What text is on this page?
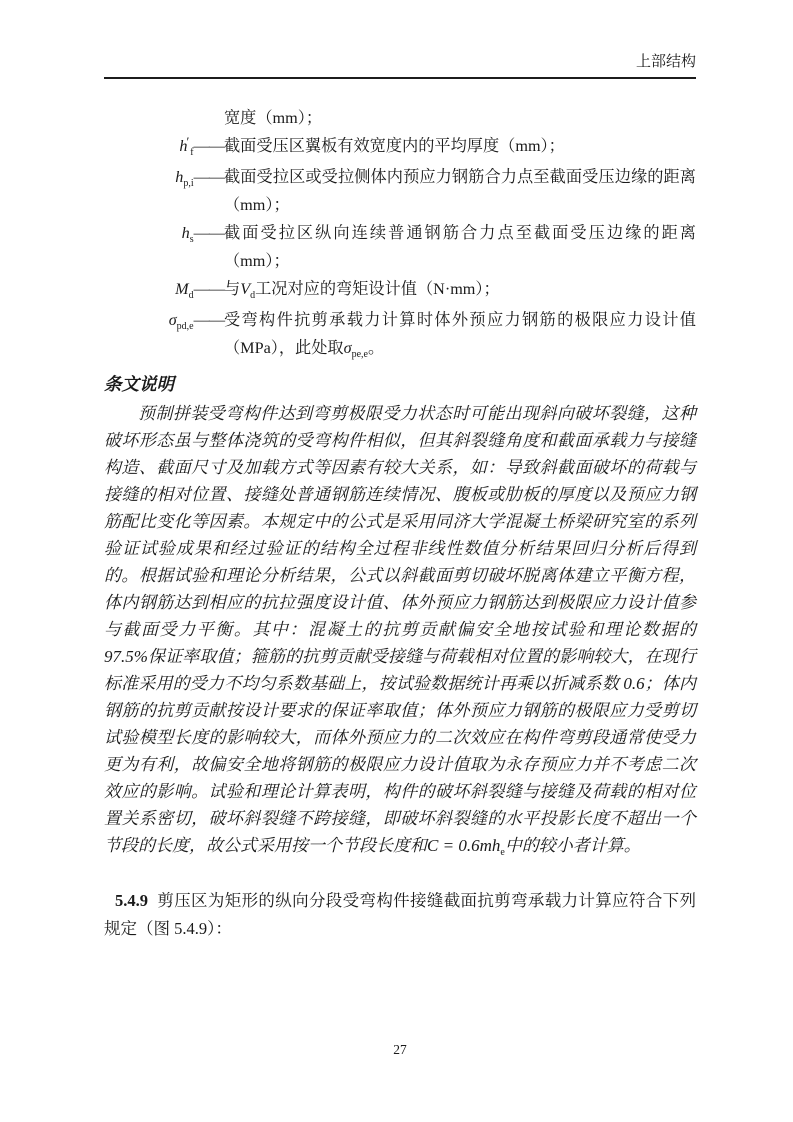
上部结构
宽度（mm）；
$h'_f——$ 截面受压区翼板有效宽度内的平均厚度（mm）；
$h_{p,i}——$ 截面受拉区或受拉侧体内预应力钢筋合力点至截面受压边缘的距离（mm）；
$h_s——$ 截面受拉区纵向连续普通钢筋合力点至截面受压边缘的距离（mm）；
$M_d——$ 与$V_d$工况对应的弯矩设计值（N·mm）；
$\sigma_{pd,e}——$ 受弯构件抗剪承载力计算时体外预应力钢筋的极限应力设计值（MPa），此处取$\sigma_{pe,e}$。
条文说明

预制拼装受弯构件达到弯剪极限受力状态时可能出现斜向破坏裂缝，这种破坏形态虽与整体浇筑的受弯构件相似，但其斜裂缝角度和截面承载力与接缝构造、截面尺寸及加载方式等因素有较大关系，如：导致斜截面破坏的荷载与接缝的相对位置、接缝处普通钢筋连续情况、腹板或肋板的厚度以及预应力钢筋配比变化等因素。本规定中的公式是采用同济大学混凝土桥梁研究室的系列验证试验成果和经过验证的结构全过程非线性数值分析结果回归分析后得到的。根据试验和理论分析结果，公式以斜截面剪切破坏脱离体建立平衡方程，体内钢筋达到相应的抗拉强度设计值、体外预应力钢筋达到极限应力设计值参与截面受力平衡。其中：混凝土的抗剪贡献偏安全地按试验和理论数据的 97.5%保证率取值；箍筋的抗剪贡献受接缝与荷载相对位置的影响较大，在现行标准采用的受力不均匀系数基础上，按试验数据统计再乘以折减系数 0.6；体内钢筋的抗剪贡献按设计要求的保证率取值；体外预应力钢筋的极限应力受剪切试验模型长度的影响较大，而体外预应力的二次效应在构件弯剪段通常使受力更为有利，故偏安全地将钢筋的极限应力设计值取为永存预应力并不考虑二次效应的影响。试验和理论计算表明，构件的破坏斜裂缝与接缝及荷载的相对位置关系密切，破坏斜裂缝不跨接缝，即破坏斜裂缝的水平投影长度不超出一个节段的长度，故公式采用按一个节段长度和$C = 0.6mh_e$中的较小者计算。

5.4.9 剪压区为矩形的纵向分段受弯构件接缝截面抗剪弯承载力计算应符合下列规定（图 5.4.9）：

27
